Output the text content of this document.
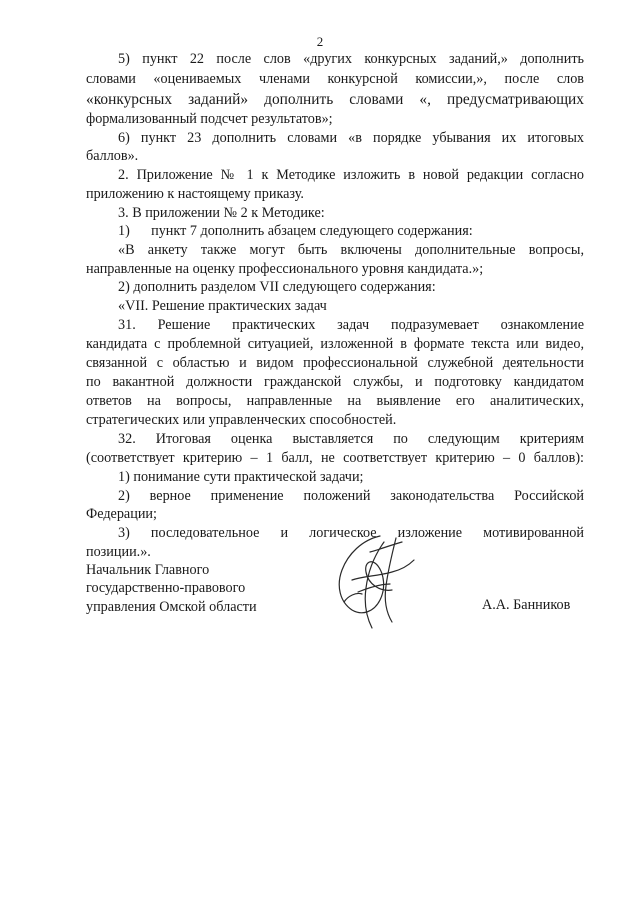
2
5) пункт 22 после слов «других конкурсных заданий,» дополнить
словами «оцениваемых членами конкурсной комиссии,», после слов
«конкурсных заданий» дополнить словами «, предусматривающих
формализованный подсчет результатов»;
6) пункт 23 дополнить словами «в порядке убывания их итоговых
баллов».
2. Приложение № 1 к Методике изложить в новой редакции согласно
приложению к настоящему приказу.
3. В приложении № 2 к Методике:
1)      пункт 7 дополнить абзацем следующего содержания:
«В анкету также могут быть включены дополнительные вопросы,
направленные на оценку профессионального уровня кандидата.»;
2) дополнить разделом VII следующего содержания:
«VII. Решение практических задач
31. Решение практических задач подразумевает ознакомление
кандидата с проблемной ситуацией, изложенной в формате текста или видео,
связанной с областью и видом профессиональной служебной деятельности
по вакантной должности гражданской службы, и подготовку кандидатом
ответов на вопросы, направленные на выявление его аналитических,
стратегических или управленческих способностей.
32. Итоговая оценка выставляется по следующим критериям
(соответствует критерию – 1 балл, не соответствует критерию – 0 баллов):
1) понимание сути практической задачи;
2) верное применение положений законодательства Российской
Федерации;
3) последовательное и логическое изложение мотивированной
позиции.».
Начальник Главного
государственно-правового
управления Омской области	А.А. Банников
